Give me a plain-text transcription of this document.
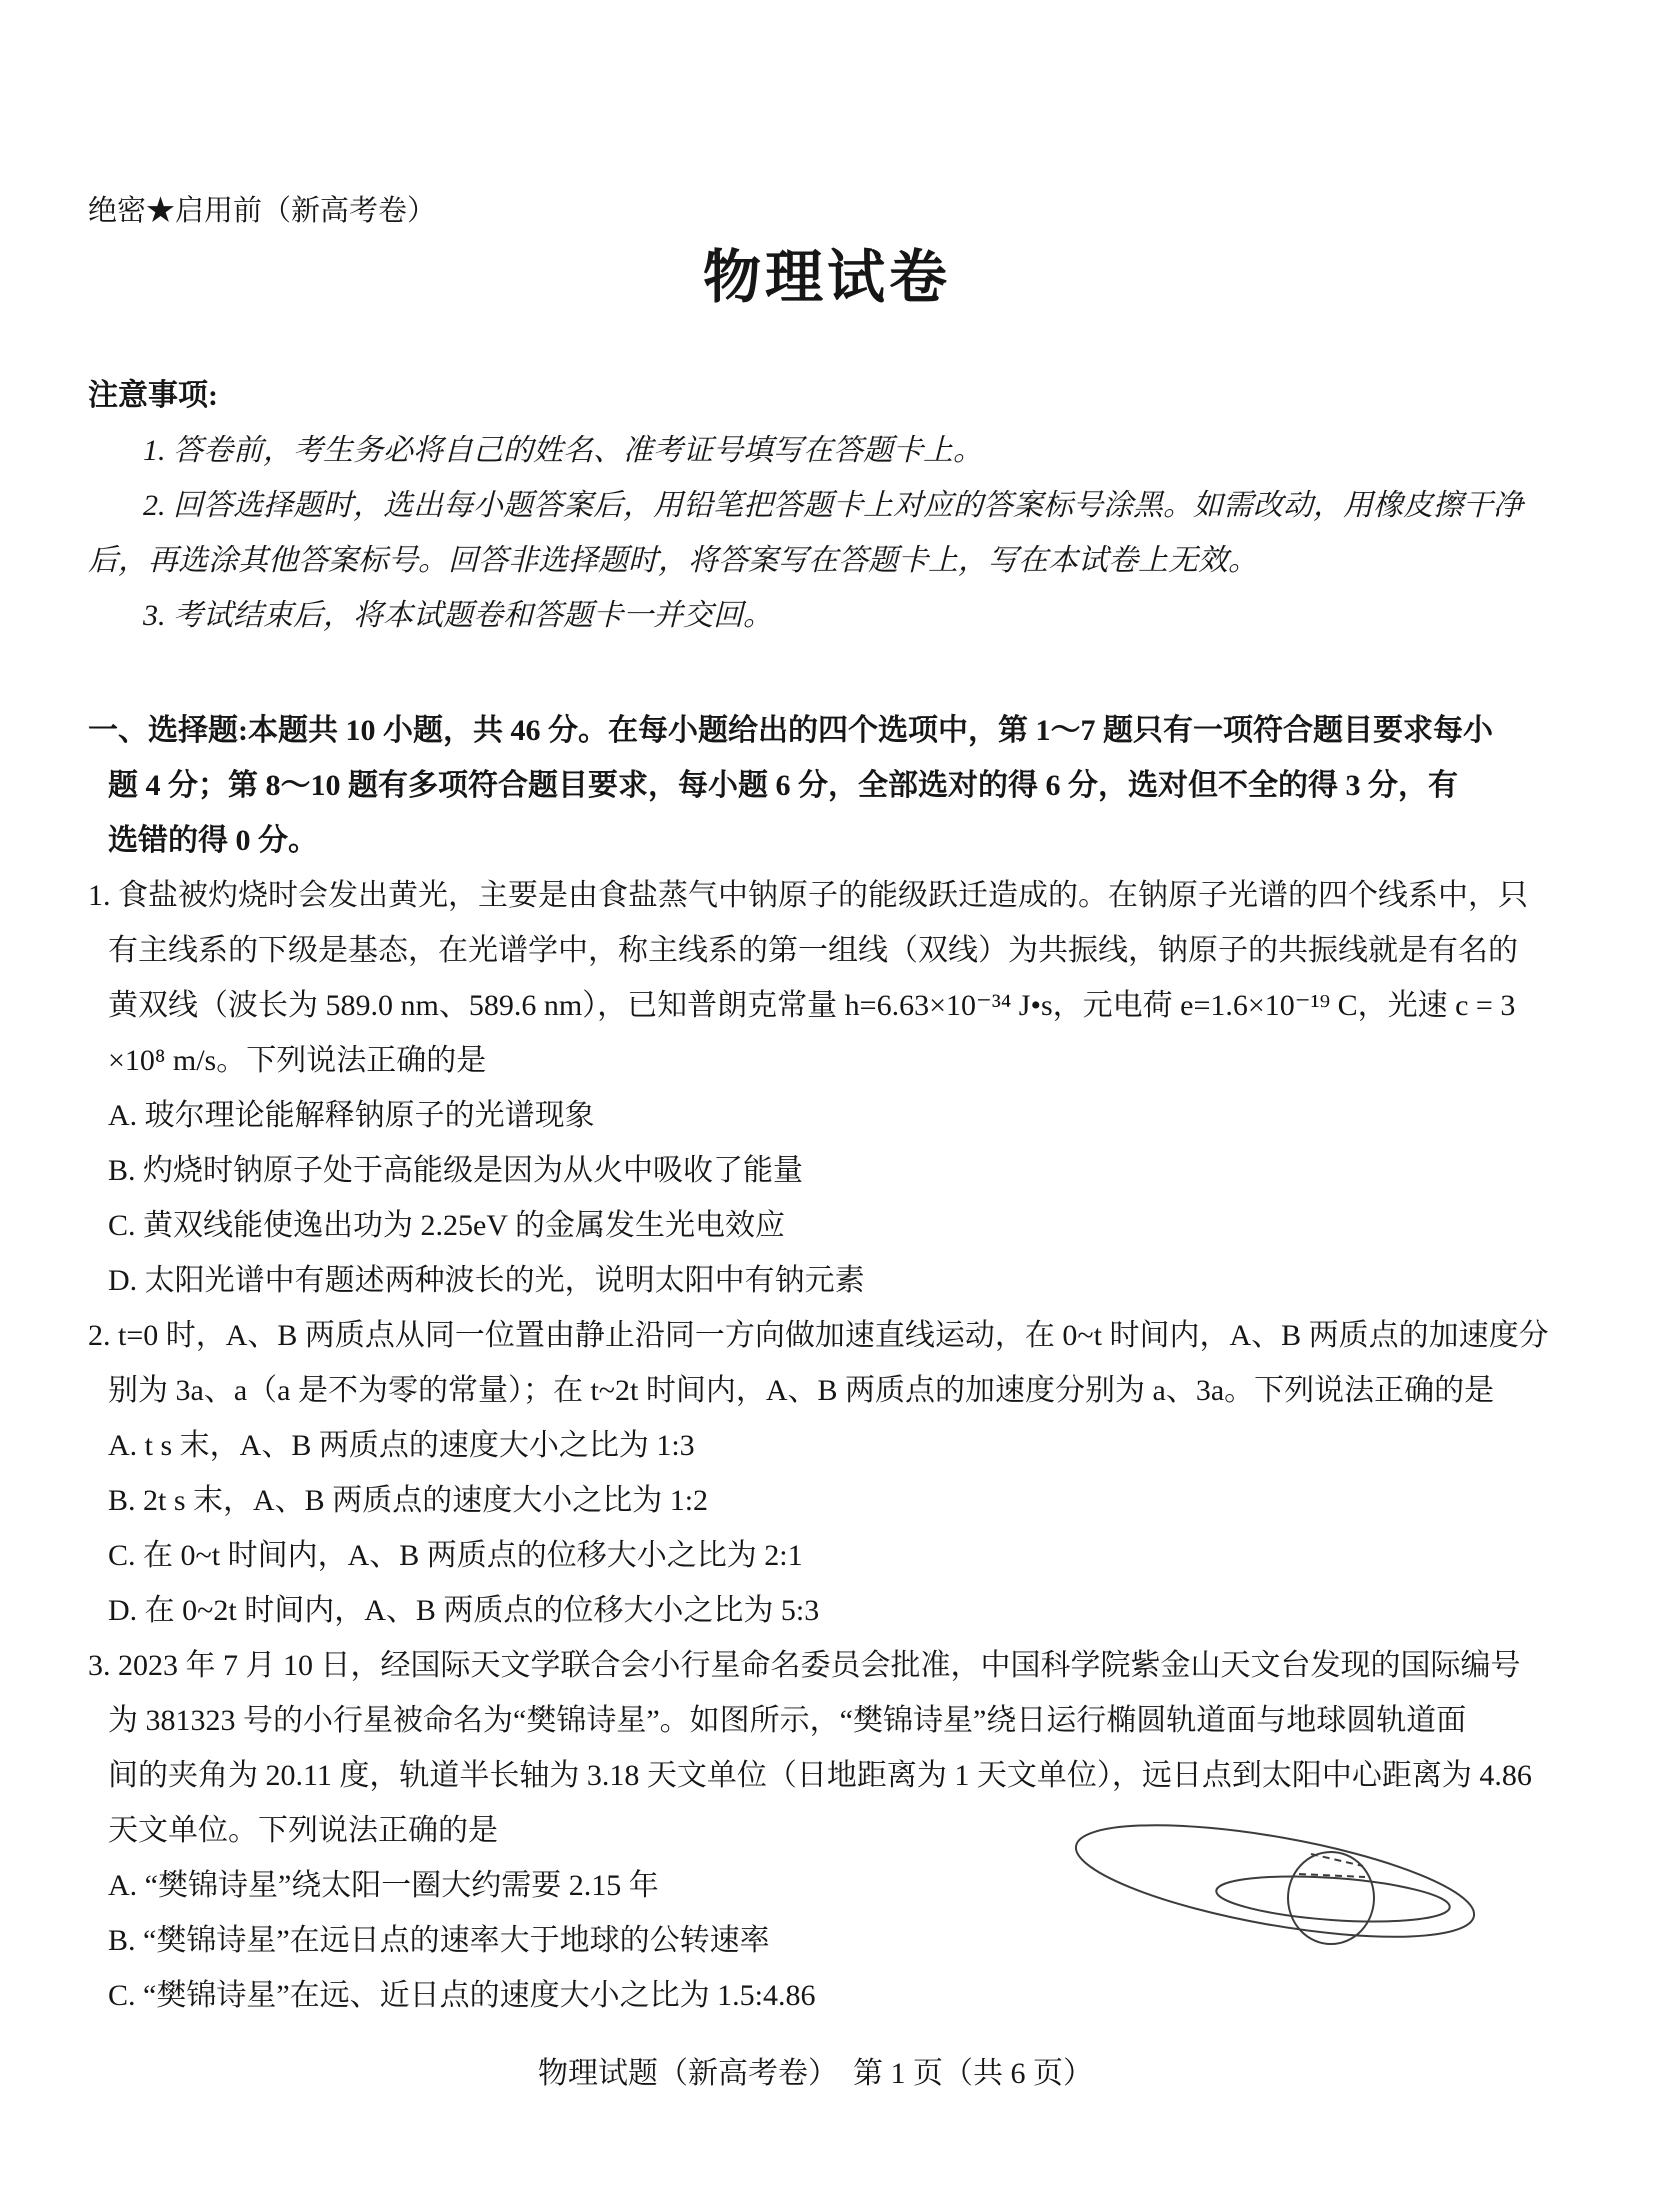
绝密★启用前（新高考卷）
物理试卷
注意事项:
1. 答卷前，考生务必将自己的姓名、准考证号填写在答题卡上。
2. 回答选择题时，选出每小题答案后，用铅笔把答题卡上对应的答案标号涂黑。如需改动，用橡皮擦干净
后，再选涂其他答案标号。回答非选择题时，将答案写在答题卡上，写在本试卷上无效。
3. 考试结束后，将本试题卷和答题卡一并交回。
一、选择题:本题共 10 小题，共 46 分。在每小题给出的四个选项中，第 1～7 题只有一项符合题目要求每小
题 4 分；第 8～10 题有多项符合题目要求，每小题 6 分，全部选对的得 6 分，选对但不全的得 3 分，有
选错的得 0 分。
1. 食盐被灼烧时会发出黄光，主要是由食盐蒸气中钠原子的能级跃迁造成的。在钠原子光谱的四个线系中，只
有主线系的下级是基态，在光谱学中，称主线系的第一组线（双线）为共振线，钠原子的共振线就是有名的
黄双线（波长为 589.0 nm、589.6 nm），已知普朗克常量 h=6.63×10⁻³⁴ J•s，元电荷 e=1.6×10⁻¹⁹ C，光速 c = 3
×10⁸ m/s。下列说法正确的是
A. 玻尔理论能解释钠原子的光谱现象
B. 灼烧时钠原子处于高能级是因为从火中吸收了能量
C. 黄双线能使逸出功为 2.25eV 的金属发生光电效应
D. 太阳光谱中有题述两种波长的光，说明太阳中有钠元素
2. t=0 时，A、B 两质点从同一位置由静止沿同一方向做加速直线运动，在 0~t 时间内，A、B 两质点的加速度分
别为 3a、a（a 是不为零的常量）；在 t~2t 时间内，A、B 两质点的加速度分别为 a、3a。下列说法正确的是
A. t s 末，A、B 两质点的速度大小之比为 1:3
B. 2t s 末，A、B 两质点的速度大小之比为 1:2
C. 在 0~t 时间内，A、B 两质点的位移大小之比为 2:1
D. 在 0~2t 时间内，A、B 两质点的位移大小之比为 5:3
3. 2023 年 7 月 10 日，经国际天文学联合会小行星命名委员会批准，中国科学院紫金山天文台发现的国际编号
为 381323 号的小行星被命名为“樊锦诗星”。如图所示，“樊锦诗星”绕日运行椭圆轨道面与地球圆轨道面
间的夹角为 20.11 度，轨道半长轴为 3.18 天文单位（日地距离为 1 天文单位），远日点到太阳中心距离为 4.86
天文单位。下列说法正确的是
A. “樊锦诗星”绕太阳一圈大约需要 2.15 年
B. “樊锦诗星”在远日点的速率大于地球的公转速率
C. “樊锦诗星”在远、近日点的速度大小之比为 1.5:4.86
物理试题（新高考卷）　第 1 页（共 6 页）
